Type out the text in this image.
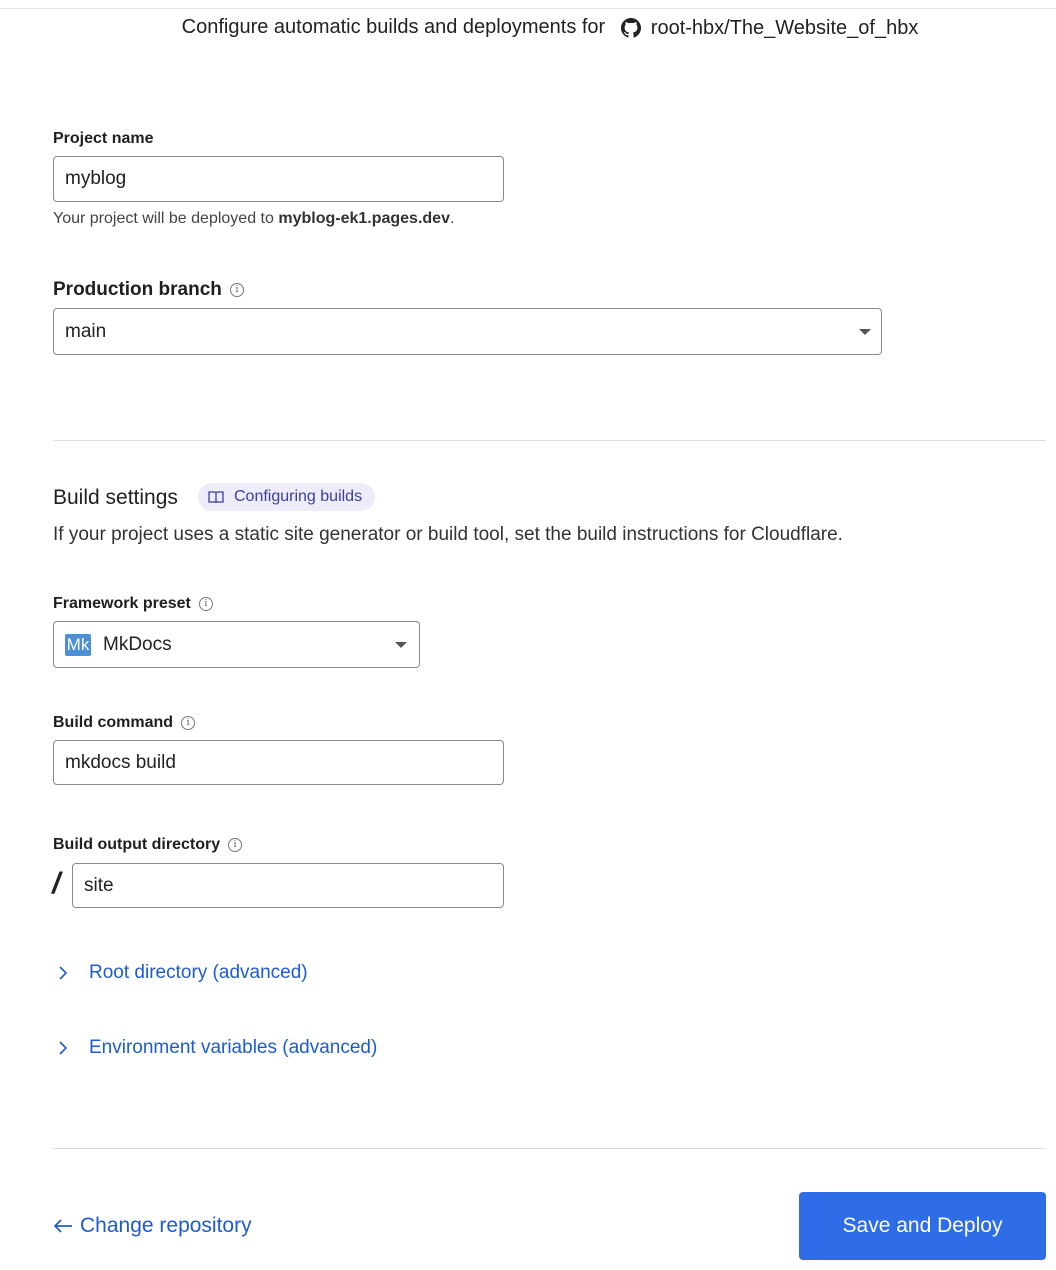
Configure automatic builds and deployments for root-hbx/The_Website_of_hbx
Project name
myblog
Your project will be deployed to myblog-ek1.pages.dev.
Production branch	i
main
Build settings	Configuring builds
If your project uses a static site generator or build tool, set the build instructions for Cloudflare.
Framework preset	i
Mk MkDocs
Build command	i
mkdocs build
Build output directory	i
/ site
Root directory (advanced)
Environment variables (advanced)
Change repository	Save and Deploy
